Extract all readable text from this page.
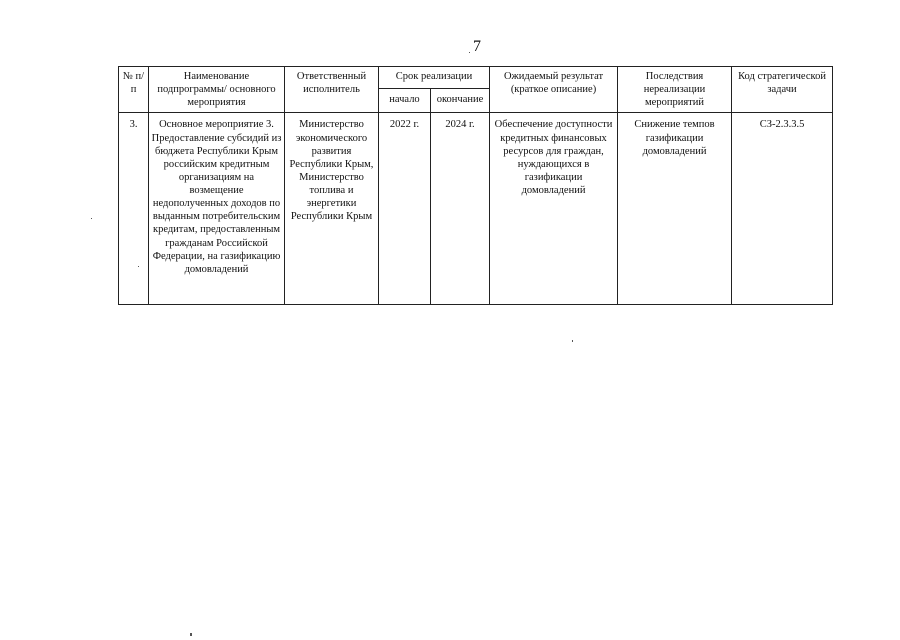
7
№ п/п	Наименование подпрограммы/ основного мероприятия	Ответственный исполнитель	Срок реализации		Ожидаемый результат (краткое описание)	Последствия нереализации мероприятий	Код стратегической задачи
			начало	окончание			
3.	Основное мероприятие 3. Предоставление субсидий из бюджета Республики Крым российским кредитным организациям на возмещение недополученных доходов по выданным потребительским кредитам, предоставленным гражданам Российской Федерации, на газификацию домовладений	Министерство экономического развития Республики Крым, Министерство топлива и энергетики Республики Крым	2022 г.	2024 г.	Обеспечение доступности кредитных финансовых ресурсов для граждан, нуждающихся в газификации домовладений	Снижение темпов газификации домовладений	СЗ-2.3.3.5
